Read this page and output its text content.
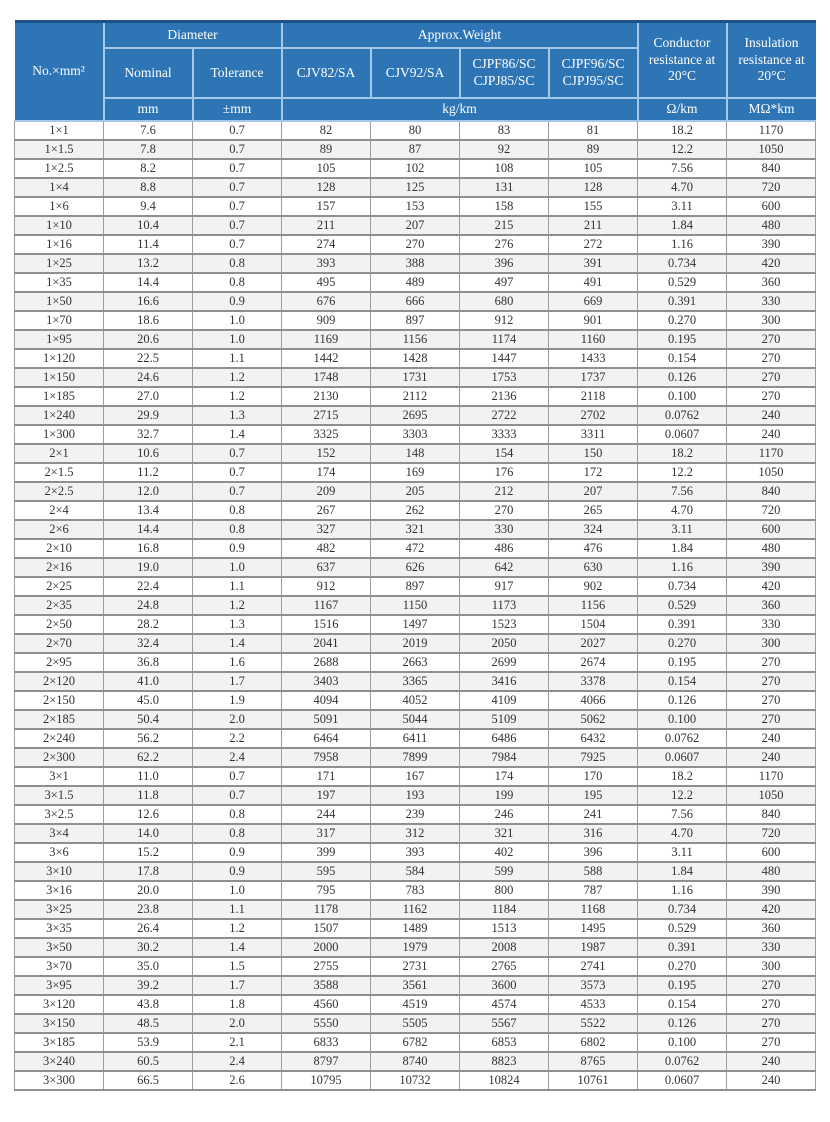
No.×mm²	Diameter		Approx.Weight				Conductor resistance at 20°C	Insulation resistance at 20°C
	Nominal	Tolerance	CJV82/SA	CJV92/SA	CJPF86/SC CJPJ85/SC	CJPF96/SC CJPJ95/SC		
	mm	±mm	kg/km				Ω/km	MΩ*km
1×1	7.6	0.7	82	80	83	81	18.2	1170
1×1.5	7.8	0.7	89	87	92	89	12.2	1050
1×2.5	8.2	0.7	105	102	108	105	7.56	840
1×4	8.8	0.7	128	125	131	128	4.70	720
1×6	9.4	0.7	157	153	158	155	3.11	600
1×10	10.4	0.7	211	207	215	211	1.84	480
1×16	11.4	0.7	274	270	276	272	1.16	390
1×25	13.2	0.8	393	388	396	391	0.734	420
1×35	14.4	0.8	495	489	497	491	0.529	360
1×50	16.6	0.9	676	666	680	669	0.391	330
1×70	18.6	1.0	909	897	912	901	0.270	300
1×95	20.6	1.0	1169	1156	1174	1160	0.195	270
1×120	22.5	1.1	1442	1428	1447	1433	0.154	270
1×150	24.6	1.2	1748	1731	1753	1737	0.126	270
1×185	27.0	1.2	2130	2112	2136	2118	0.100	270
1×240	29.9	1.3	2715	2695	2722	2702	0.0762	240
1×300	32.7	1.4	3325	3303	3333	3311	0.0607	240
2×1	10.6	0.7	152	148	154	150	18.2	1170
2×1.5	11.2	0.7	174	169	176	172	12.2	1050
2×2.5	12.0	0.7	209	205	212	207	7.56	840
2×4	13.4	0.8	267	262	270	265	4.70	720
2×6	14.4	0.8	327	321	330	324	3.11	600
2×10	16.8	0.9	482	472	486	476	1.84	480
2×16	19.0	1.0	637	626	642	630	1.16	390
2×25	22.4	1.1	912	897	917	902	0.734	420
2×35	24.8	1.2	1167	1150	1173	1156	0.529	360
2×50	28.2	1.3	1516	1497	1523	1504	0.391	330
2×70	32.4	1.4	2041	2019	2050	2027	0.270	300
2×95	36.8	1.6	2688	2663	2699	2674	0.195	270
2×120	41.0	1.7	3403	3365	3416	3378	0.154	270
2×150	45.0	1.9	4094	4052	4109	4066	0.126	270
2×185	50.4	2.0	5091	5044	5109	5062	0.100	270
2×240	56.2	2.2	6464	6411	6486	6432	0.0762	240
2×300	62.2	2.4	7958	7899	7984	7925	0.0607	240
3×1	11.0	0.7	171	167	174	170	18.2	1170
3×1.5	11.8	0.7	197	193	199	195	12.2	1050
3×2.5	12.6	0.8	244	239	246	241	7.56	840
3×4	14.0	0.8	317	312	321	316	4.70	720
3×6	15.2	0.9	399	393	402	396	3.11	600
3×10	17.8	0.9	595	584	599	588	1.84	480
3×16	20.0	1.0	795	783	800	787	1.16	390
3×25	23.8	1.1	1178	1162	1184	1168	0.734	420
3×35	26.4	1.2	1507	1489	1513	1495	0.529	360
3×50	30.2	1.4	2000	1979	2008	1987	0.391	330
3×70	35.0	1.5	2755	2731	2765	2741	0.270	300
3×95	39.2	1.7	3588	3561	3600	3573	0.195	270
3×120	43.8	1.8	4560	4519	4574	4533	0.154	270
3×150	48.5	2.0	5550	5505	5567	5522	0.126	270
3×185	53.9	2.1	6833	6782	6853	6802	0.100	270
3×240	60.5	2.4	8797	8740	8823	8765	0.0762	240
3×300	66.5	2.6	10795	10732	10824	10761	0.0607	240
